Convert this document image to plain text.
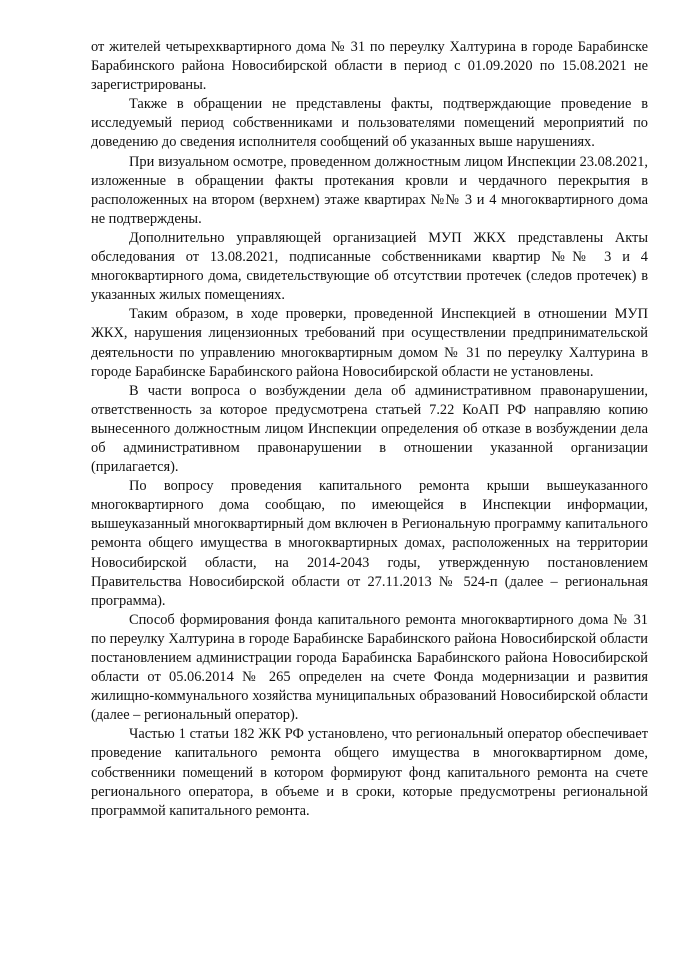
от жителей четырехквартирного дома № 31 по переулку Халтурина в городе Барабинске Барабинского района Новосибирской области в период с 01.09.2020 по 15.08.2021 не зарегистрированы.

Также в обращении не представлены факты, подтверждающие проведение в исследуемый период собственниками и пользователями помещений мероприятий по доведению до сведения исполнителя сообщений об указанных выше нарушениях.

При визуальном осмотре, проведенном должностным лицом Инспекции 23.08.2021, изложенные в обращении факты протекания кровли и чердачного перекрытия в расположенных на втором (верхнем) этаже квартирах №№ 3 и 4 многоквартирного дома не подтверждены.

Дополнительно управляющей организацией МУП ЖКХ представлены Акты обследования от 13.08.2021, подписанные собственниками квартир №№ 3 и 4 многоквартирного дома, свидетельствующие об отсутствии протечек (следов протечек) в указанных жилых помещениях.

Таким образом, в ходе проверки, проведенной Инспекцией в отношении МУП ЖКХ, нарушения лицензионных требований при осуществлении предпринимательской деятельности по управлению многоквартирным домом № 31 по переулку Халтурина в городе Барабинске Барабинского района Новосибирской области не установлены.

В части вопроса о возбуждении дела об административном правонарушении, ответственность за которое предусмотрена статьей 7.22 КоАП РФ направляю копию вынесенного должностным лицом Инспекции определения об отказе в возбуждении дела об административном правонарушении в отношении указанной организации (прилагается).

По вопросу проведения капитального ремонта крыши вышеуказанного многоквартирного дома сообщаю, по имеющейся в Инспекции информации, вышеуказанный многоквартирный дом включен в Региональную программу капитального ремонта общего имущества в многоквартирных домах, расположенных на территории Новосибирской области, на 2014-2043 годы, утвержденную постановлением Правительства Новосибирской области от 27.11.2013 № 524-п (далее – региональная программа).

Способ формирования фонда капитального ремонта многоквартирного дома № 31 по переулку Халтурина в городе Барабинске Барабинского района Новосибирской области постановлением администрации города Барабинска Барабинского района Новосибирской области от 05.06.2014 № 265 определен на счете Фонда модернизации и развития жилищно-коммунального хозяйства муниципальных образований Новосибирской области (далее – региональный оператор).

Частью 1 статьи 182 ЖК РФ установлено, что региональный оператор обеспечивает проведение капитального ремонта общего имущества в многоквартирном доме, собственники помещений в котором формируют фонд капитального ремонта на счете регионального оператора, в объеме и в сроки, которые предусмотрены региональной программой капитального ремонта.
